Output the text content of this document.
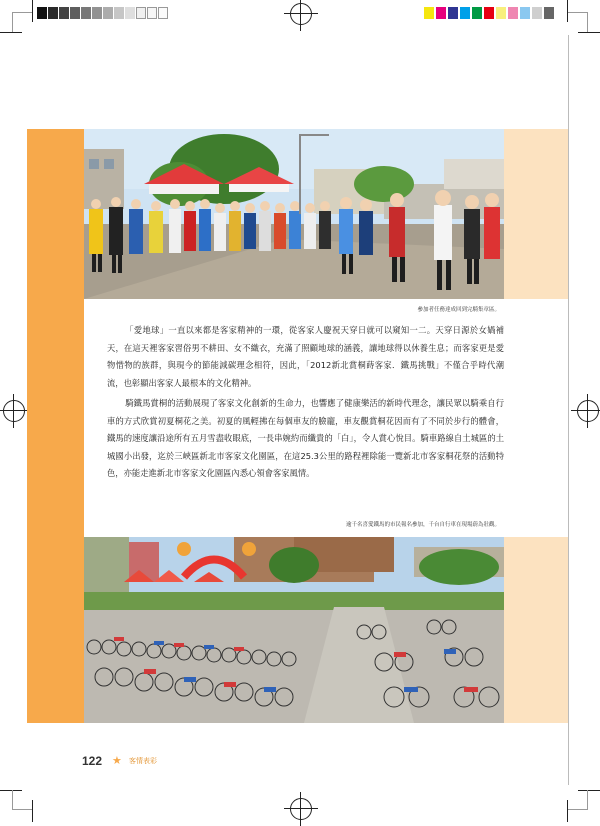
參加者任務達成回到完騎集章區。

「愛地球」一直以來都是客家精神的一環，從客家人慶祝天穿日就可以窺知一二。天穿日源於女媧補天，在這天裡客家習俗男不耕田、女不織衣，充滿了照顧地球的涵義，讓地球得以休養生息；而客家更是愛物惜物的族群，與現今的節能減碳理念相符，因此，「2012新北賞桐蒔客家．鐵馬挑戰」不僅合乎時代潮流，也彰顯出客家人最根本的文化精神。

騎鐵馬賞桐的活動展現了客家文化創新的生命力，也響應了健康樂活的新時代理念，讓民眾以騎乘自行車的方式欣賞初夏桐花之美。初夏的風輕拂在每個車友的臉龐，車友觀賞桐花因而有了不同於步行的體會，鐵馬的速度讓沿途所有五月雪盡收眼底，一長串婉約而纖貴的「白」，令人賞心悅目。騎車路線自土城區的土城國小出發，迄於三峽區新北市客家文化園區，在這25.3公里的路程裡除能一覽新北市客家桐花祭的活動特色，亦能走進新北市客家文化園區內悉心領會客家風情。

逾千名喜愛鐵馬的市民報名參加，千台自行車在現場蔚為壯觀。
122 ★ 客情表彩
